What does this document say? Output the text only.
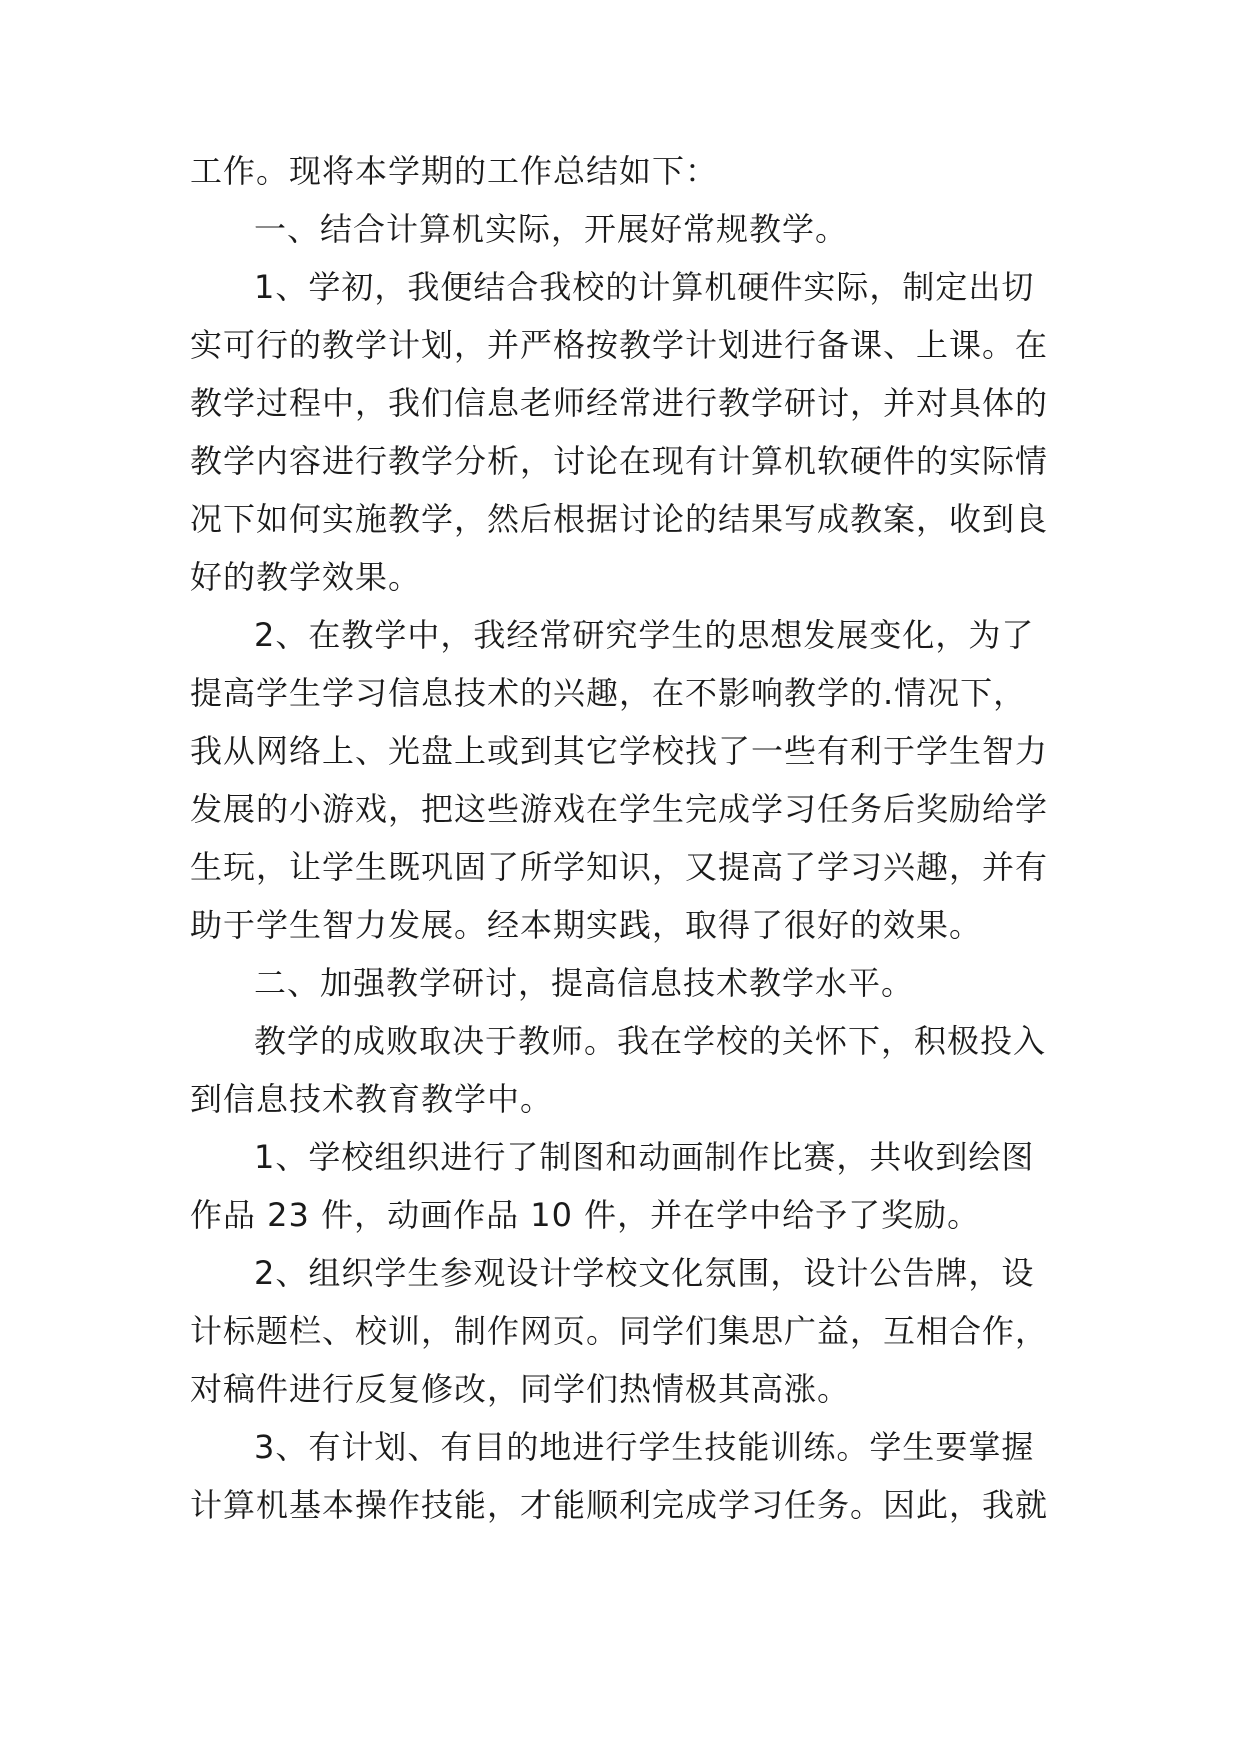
工作。现将本学期的工作总结如下：

一、结合计算机实际，开展好常规教学。

1、学初，我便结合我校的计算机硬件实际，制定出切

实可行的教学计划，并严格按教学计划进行备课、上课。在

教学过程中，我们信息老师经常进行教学研讨，并对具体的

教学内容进行教学分析，讨论在现有计算机软硬件的实际情

况下如何实施教学，然后根据讨论的结果写成教案，收到良

好的教学效果。

2、在教学中，我经常研究学生的思想发展变化，为了

提高学生学习信息技术的兴趣，在不影响教学的.情况下，

我从网络上、光盘上或到其它学校找了一些有利于学生智力

发展的小游戏，把这些游戏在学生完成学习任务后奖励给学

生玩，让学生既巩固了所学知识，又提高了学习兴趣，并有

助于学生智力发展。经本期实践，取得了很好的效果。

二、加强教学研讨，提高信息技术教学水平。

教学的成败取决于教师。我在学校的关怀下，积极投入

到信息技术教育教学中。

1、学校组织进行了制图和动画制作比赛，共收到绘图

作品 23 件，动画作品 10 件，并在学中给予了奖励。

2、组织学生参观设计学校文化氛围，设计公告牌，设

计标题栏、校训，制作网页。同学们集思广益，互相合作，

对稿件进行反复修改，同学们热情极其高涨。

3、有计划、有目的地进行学生技能训练。学生要掌握

计算机基本操作技能，才能顺利完成学习任务。因此，我就
